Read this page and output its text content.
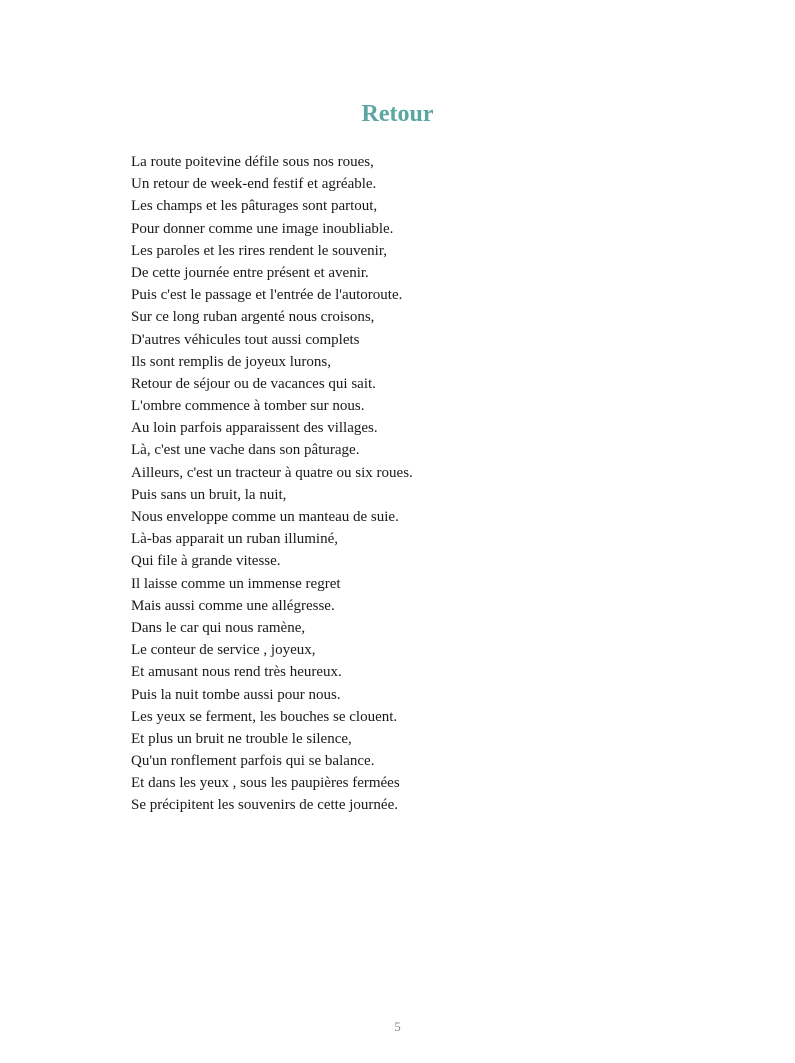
Retour
La route poitevine défile sous nos roues,
Un retour de week-end festif et agréable.
Les champs et les pâturages sont partout,
Pour donner comme une image inoubliable.
Les paroles et les rires rendent le souvenir,
De cette journée entre présent et avenir.
Puis c'est le passage et l'entrée de l'autoroute.
Sur ce long ruban argenté nous croisons,
D'autres véhicules tout aussi complets
Ils sont remplis de joyeux lurons,
Retour de séjour ou de vacances qui sait.
L'ombre commence à tomber sur nous.
Au loin parfois apparaissent des villages.
Là, c'est une vache dans son pâturage.
Ailleurs, c'est un tracteur à quatre ou six roues.
Puis sans un bruit, la nuit,
Nous enveloppe comme un manteau de suie.
Là-bas apparait un ruban illuminé,
Qui file à grande vitesse.
Il laisse comme un immense regret
Mais aussi comme une allégresse.
Dans le car qui nous ramène,
Le conteur de service , joyeux,
Et amusant nous rend très heureux.
Puis la nuit tombe aussi pour nous.
Les yeux se ferment, les bouches se clouent.
Et plus un bruit ne trouble le silence,
Qu'un ronflement parfois qui se balance.
Et dans les yeux , sous les paupières fermées
Se précipitent les souvenirs de cette journée.
5
